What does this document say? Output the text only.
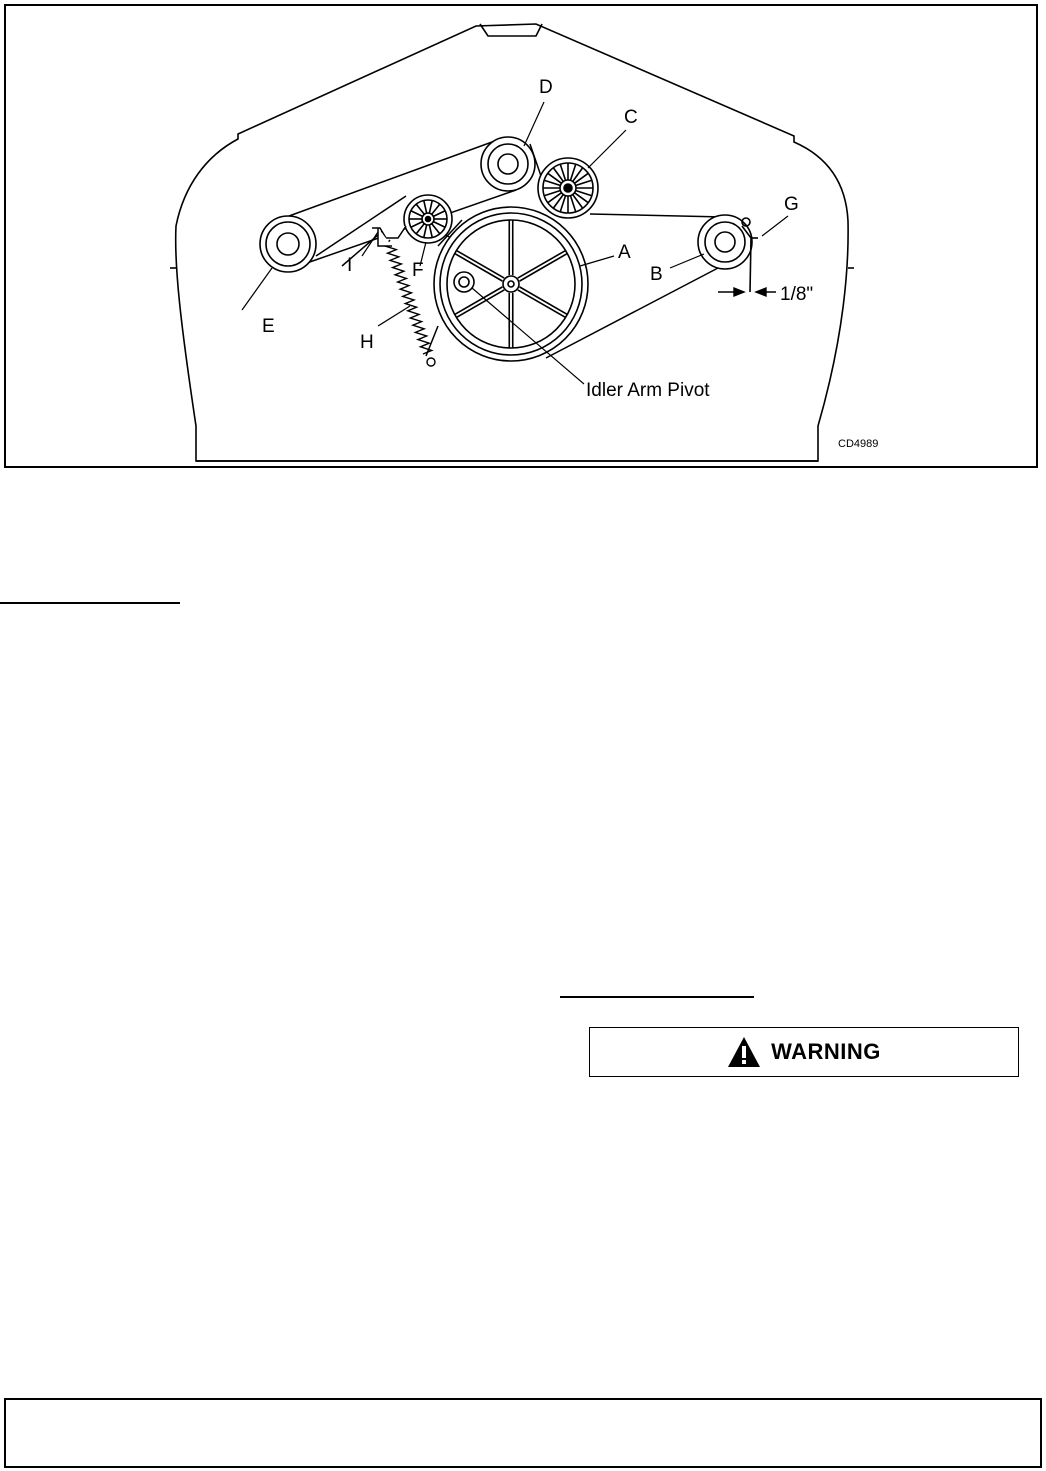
D
C
G
A
B
1/8"
I	F
E
H
Idler Arm Pivot
CD4989
WARNING
